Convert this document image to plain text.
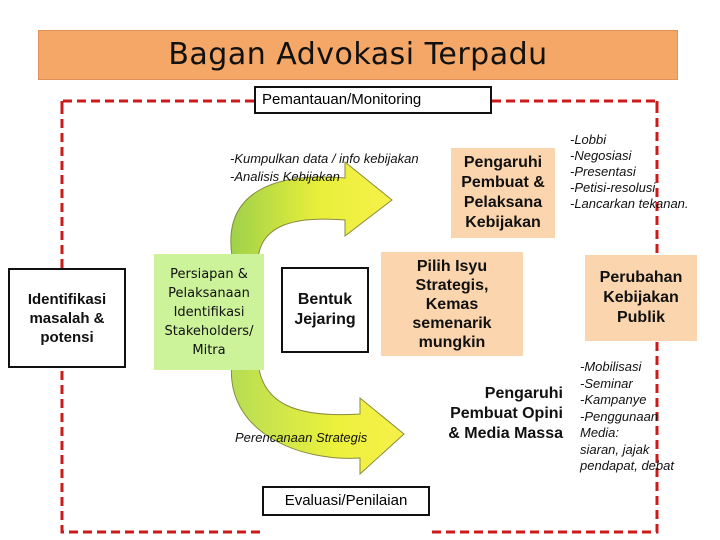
Bagan Advokasi Terpadu
Pemantauan/Monitoring
-Kumpulkan data / info kebijakan
-Analisis Kebijakan
Pengaruhi
Pembuat &
Pelaksana
Kebijakan
-Lobbi
-Negosiasi
-Presentasi
-Petisi-resolusi
-Lancarkan tekanan.
Identifikasi
masalah &
potensi
Persiapan &
Pelaksanaan
Identifikasi
Stakeholders/
Mitra
Bentuk
Jejaring
Pilih Isyu
Strategis,
Kemas
semenarik
mungkin
Perubahan
Kebijakan
Publik
Pengaruhi
Pembuat Opini
& Media Massa
-Mobilisasi
-Seminar
-Kampanye
-Penggunaan
Media:
siaran, jajak
pendapat, debat
Perencanaan Strategis
Evaluasi/Penilaian
